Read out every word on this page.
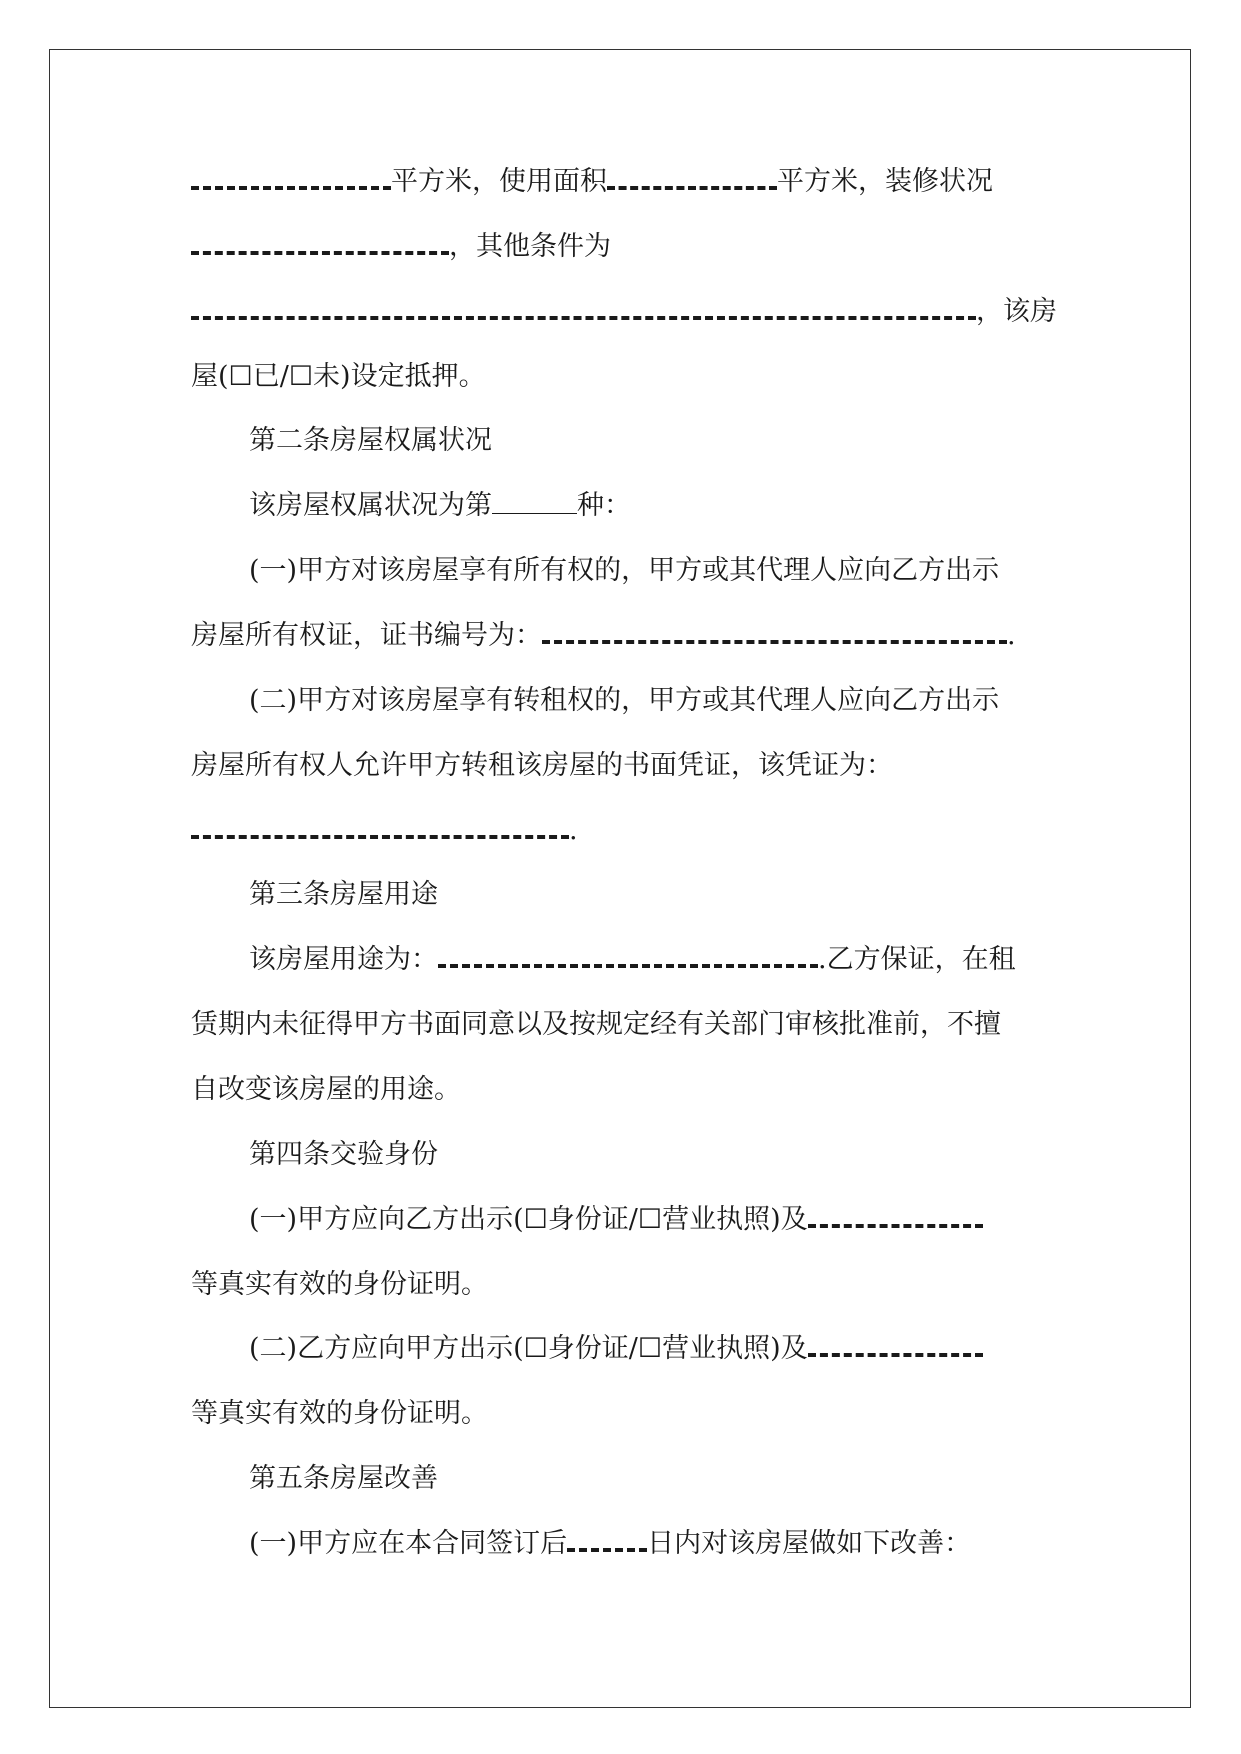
平方米，使用面积	平方米，装修状况
，其他条件为
，该房
屋(☐已/☐未)设定抵押。
第二条房屋权属状况
该房屋权属状况为第	种：
(一)甲方对该房屋享有所有权的，甲方或其代理人应向乙方出示
房屋所有权证，证书编号为：	.
(二)甲方对该房屋享有转租权的，甲方或其代理人应向乙方出示
房屋所有权人允许甲方转租该房屋的书面凭证，该凭证为：
.
第三条房屋用途
该房屋用途为：	.乙方保证，在租
赁期内未征得甲方书面同意以及按规定经有关部门审核批准前，不擅
自改变该房屋的用途。
第四条交验身份
(一)甲方应向乙方出示(☐身份证/☐营业执照)及
等真实有效的身份证明。
(二)乙方应向甲方出示(☐身份证/☐营业执照)及
等真实有效的身份证明。
第五条房屋改善
(一)甲方应在本合同签订后	日内对该房屋做如下改善：
